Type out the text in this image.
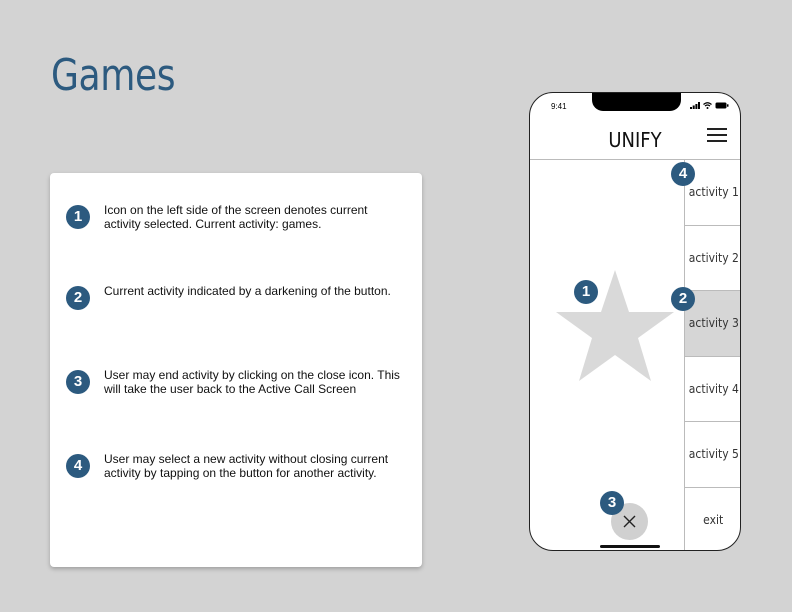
Games
1	Icon on the left side of the screen denotes current activity selected. Current activity: games.
2	Current activity indicated by a darkening of the button.
3	User may end activity by clicking on the close icon. This will take the user back to the Active Call Screen
4	User may select a new activity without closing current activity by tapping on the button for another activity.
9:41
UNIFY
activity 1
activity 2
activity 3
activity 4
activity 5
exit
1	2
3
4
